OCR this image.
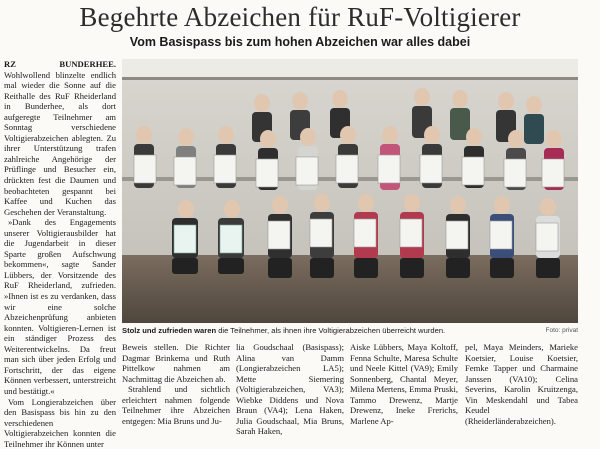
Begehrte Abzeichen für RuF-Voltigierer
Vom Basispass bis zum hohen Abzeichen war alles dabei

RZ BUNDERHEE. Wohlwollend blinzelte endlich mal wieder die Sonne auf die Reithalle des RuF Rheiderland in Bunderhee, als dort aufgeregte Teilnehmer am Sonntag verschiedene Voltigierabzeichen ablegten. Zu ihrer Unterstützung trafen zahlreiche Angehörige der Prüflinge und Besucher ein, drückten fest die Daumen und beobachteten gespannt bei Kaffee und Kuchen das Geschehen der Veranstaltung.

»Dank des Engagements unserer Voltigierausbilder hat die Jugendarbeit in dieser Sparte großen Aufschwung bekommen«, sagte Sander Lübbers, der Vorsitzende des RuF Rheiderland, zufrieden. »Ihnen ist es zu verdanken, dass wir eine solche Abzeichenprüfung anbieten konnten. Voltigieren-Lernen ist ein ständiger Prozess des Weiterentwickelns. Da freut man sich über jeden Erfolg und Fortschritt, der das eigene Können verbessert, unterstreicht und bestätigt.«

Vom Longierabzeichen über den Basispass bis hin zu den verschiedenen Voltigierabzeichen konnten die Teilnehmer ihr Können unter

Stolz und zufrieden waren die Teilnehmer, als ihnen ihre Voltigierabzeichen überreicht wurden.	Foto: privat

Beweis stellen. Die Richter Dagmar Brinkema und Ruth Pittelkow nahmen am Nachmittag die Abzeichen ab.

Strahlend und sichtlich erleichtert nahmen folgende Teilnehmer ihre Abzeichen entgegen: Mia Bruns und Ju-

lia Goudschaal (Basispass); Alina van Damm (Longierabzeichen LA5); Mette Siemering (Voltigierabzeichen, VA3); Wiebke Diddens und Nova Braun (VA4); Lena Haken, Julia Goudschaal, Mia Bruns, Sarah Haken,

Aiske Lübbers, Maya Koltoff, Fenna Schulte, Maresa Schulte und Neele Kittel (VA9); Emily Sonnenberg, Chantal Meyer, Milena Mertens, Emma Pruski, Tammo Drewenz, Martje Drewenz, Ineke Frerichs, Marlene Ap-

pel, Maya Meinders, Marieke Koetsier, Louise Koetsier, Femke Tapper und Charmaine Janssen (VA10); Celina Severins, Karolin Kruitzenga, Vin Meskendahl und Tabea Keudel (Rheiderländerabzeichen).
